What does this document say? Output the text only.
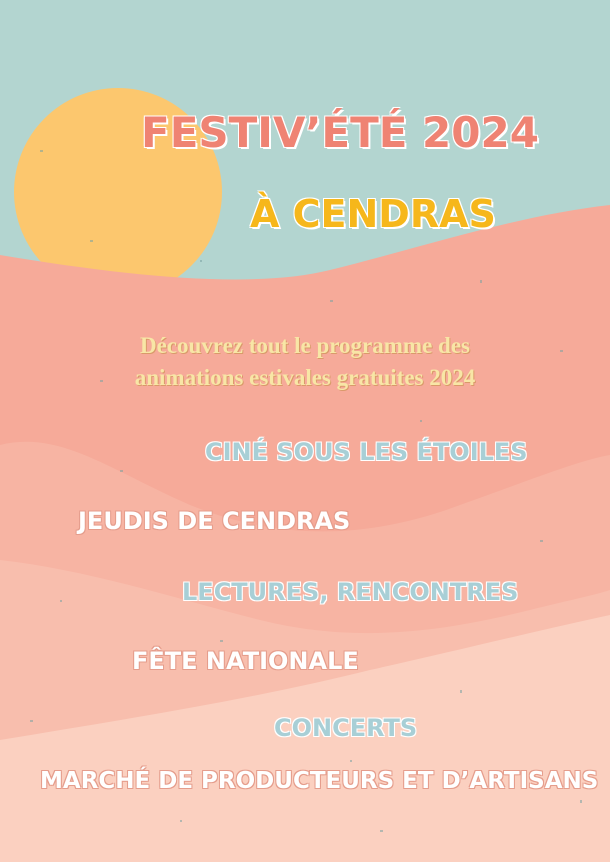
FESTIV’ÉTÉ 2024
À CENDRAS
Découvrez tout le programme des
animations estivales gratuites 2024
CINÉ SOUS LES ÉTOILES
JEUDIS DE CENDRAS
LECTURES, RENCONTRES
FÊTE NATIONALE
CONCERTS
MARCHÉ DE PRODUCTEURS ET D’ARTISANS
